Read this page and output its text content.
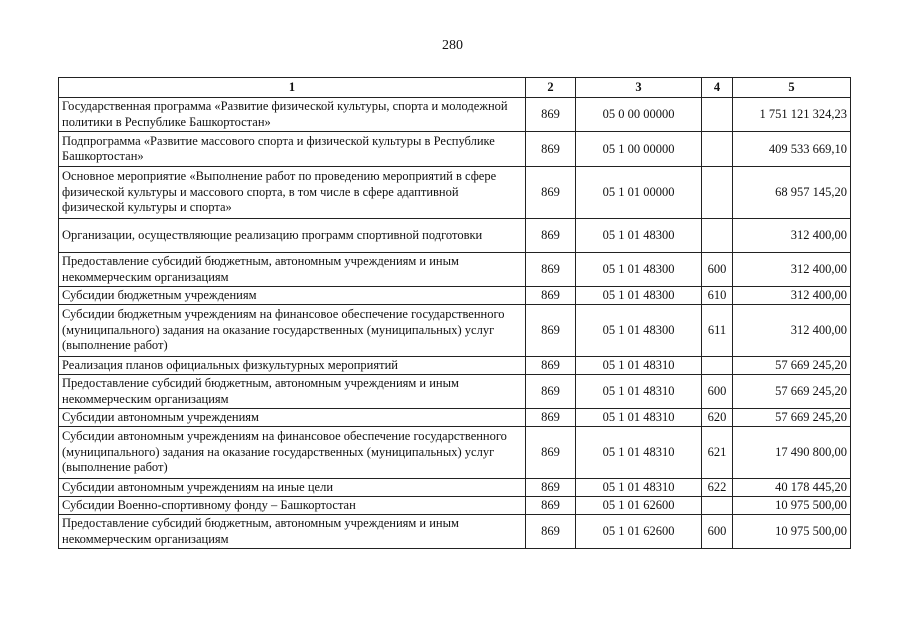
280
1	2	3	4	5
Государственная программа «Развитие физической культуры, спорта и молодежной политики в Республике Башкортостан»	869	05 0 00 00000		1 751 121 324,23
Подпрограмма «Развитие массового спорта и физической культуры в Республике Башкортостан»	869	05 1 00 00000		409 533 669,10
Основное мероприятие «Выполнение работ по проведению мероприятий в сфере физической культуры и массового спорта, в том числе в сфере адаптивной физической культуры и спорта»	869	05 1 01 00000		68 957 145,20
Организации, осуществляющие реализацию программ спортивной подготовки	869	05 1 01 48300		312 400,00
Предоставление субсидий бюджетным, автономным учреждениям и иным некоммерческим организациям	869	05 1 01 48300	600	312 400,00
Субсидии бюджетным учреждениям	869	05 1 01 48300	610	312 400,00
Субсидии бюджетным учреждениям на финансовое обеспечение государственного (муниципального) задания на оказание государственных (муниципальных) услуг (выполнение работ)	869	05 1 01 48300	611	312 400,00
Реализация планов официальных физкультурных мероприятий	869	05 1 01 48310		57 669 245,20
Предоставление субсидий бюджетным, автономным учреждениям и иным некоммерческим организациям	869	05 1 01 48310	600	57 669 245,20
Субсидии автономным учреждениям	869	05 1 01 48310	620	57 669 245,20
Субсидии автономным учреждениям на финансовое обеспечение государственного (муниципального) задания на оказание государственных (муниципальных) услуг (выполнение работ)	869	05 1 01 48310	621	17 490 800,00
Субсидии автономным учреждениям на иные цели	869	05 1 01 48310	622	40 178 445,20
Субсидии Военно-спортивному фонду – Башкортостан	869	05 1 01 62600		10 975 500,00
Предоставление субсидий бюджетным, автономным учреждениям и иным некоммерческим организациям	869	05 1 01 62600	600	10 975 500,00
